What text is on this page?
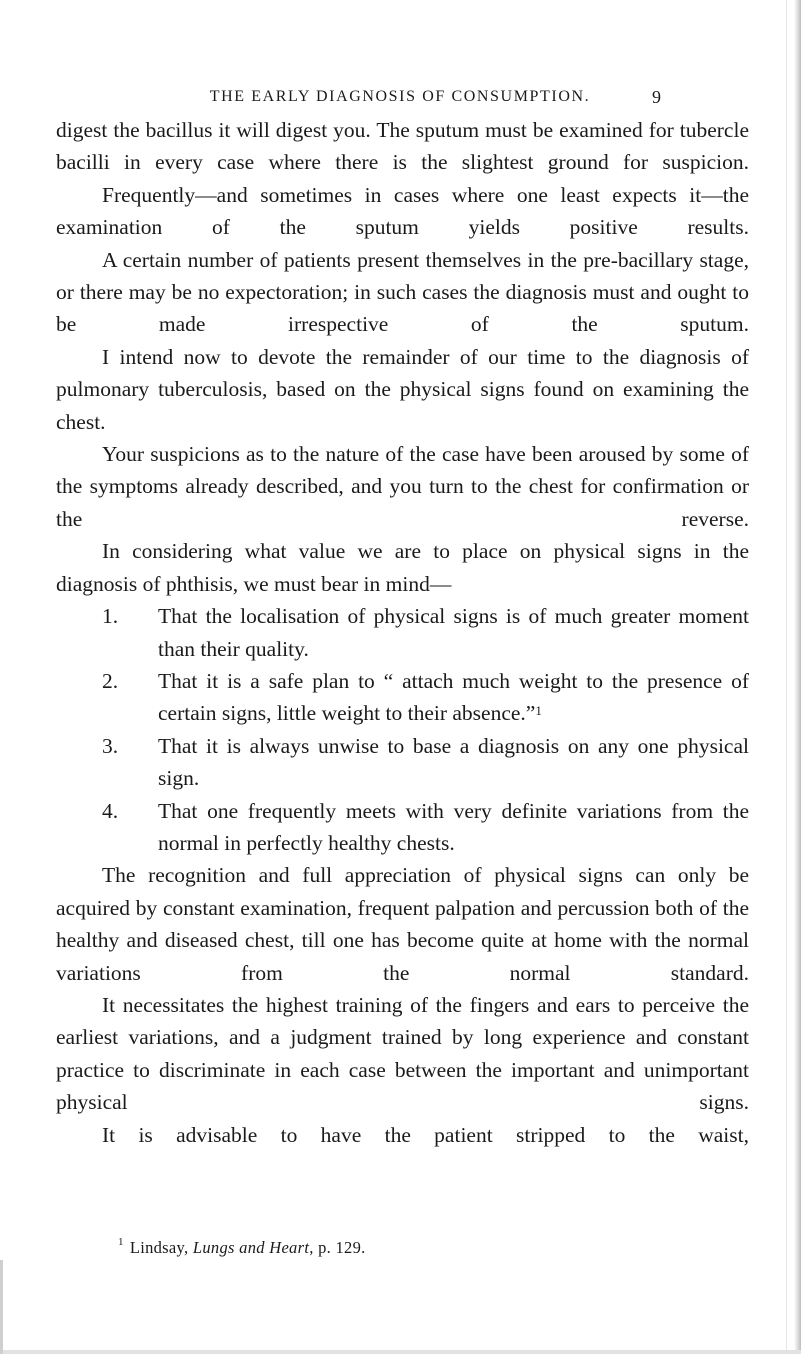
THE EARLY DIAGNOSIS OF CONSUMPTION.	9

digest the bacillus it will digest you. The sputum must be examined for tubercle bacilli in every case where there is the slightest ground for suspicion.

Frequently—and sometimes in cases where one least expects it—the examination of the sputum yields positive results.

A certain number of patients present themselves in the pre-bacillary stage, or there may be no expectoration; in such cases the diagnosis must and ought to be made irrespective of the sputum.

I intend now to devote the remainder of our time to the diagnosis of pulmonary tuberculosis, based on the physical signs found on examining the chest.

Your suspicions as to the nature of the case have been aroused by some of the symptoms already described, and you turn to the chest for confirmation or the reverse.

In considering what value we are to place on physical signs in the diagnosis of phthisis, we must bear in mind—

1. That the localisation of physical signs is of much greater moment than their quality.
2. That it is a safe plan to “ attach much weight to the presence of certain signs, little weight to their absence.”$^1$
3. That it is always unwise to base a diagnosis on any one physical sign.
4. That one frequently meets with very definite variations from the normal in perfectly healthy chests.

The recognition and full appreciation of physical signs can only be acquired by constant examination, frequent palpation and percussion both of the healthy and diseased chest, till one has become quite at home with the normal variations from the normal standard.

It necessitates the highest training of the fingers and ears to perceive the earliest variations, and a judgment trained by long experience and constant practice to discriminate in each case between the important and unimportant physical signs.

It is advisable to have the patient stripped to the waist,

$^1$ Lindsay, Lungs and Heart, p. 129.
